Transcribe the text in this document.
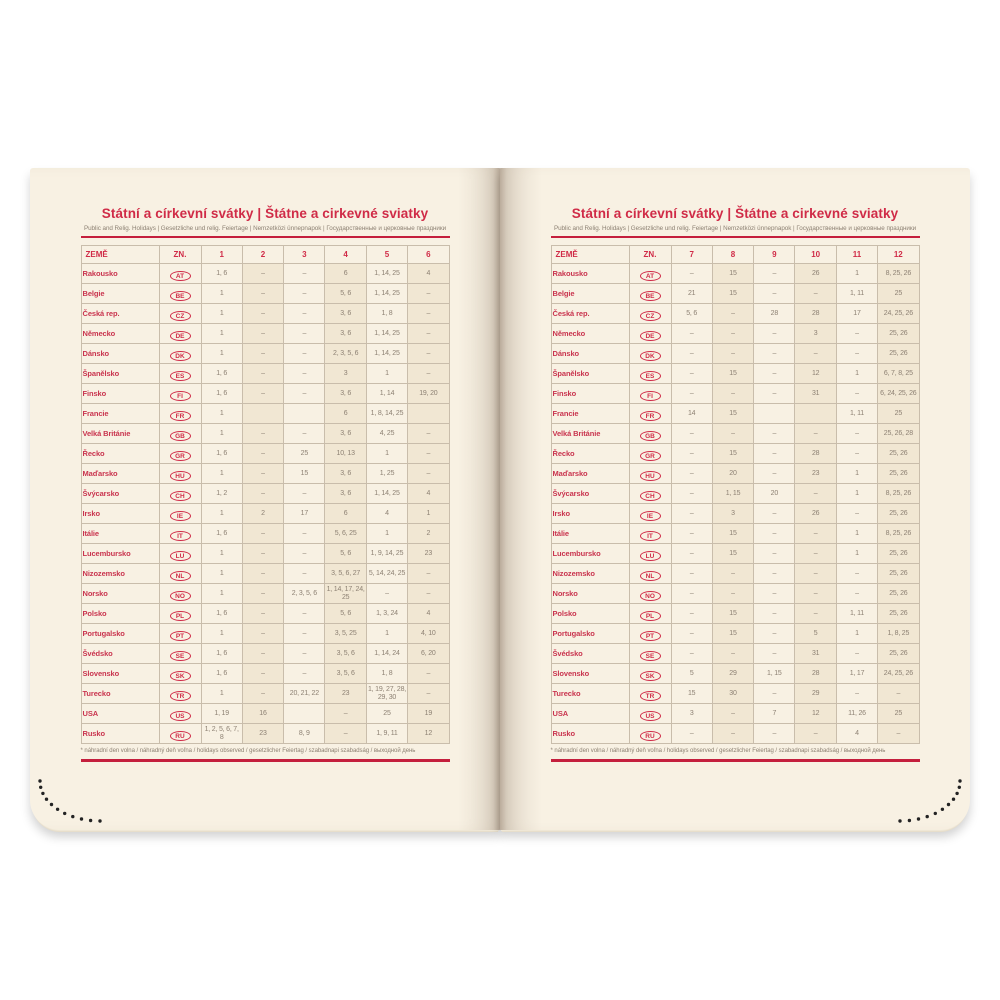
Státní a církevní svátky | Štátne a cirkevné sviatky
Public and Relig. Holidays | Gesetzliche und relig. Feiertage | Nemzetközi ünnepnapok | Государственные и церковные праздники
ZEMĚ	ZN.	1	2	3	4	5	6
Rakousko	AT	1, 6	–	–	6	1, 14, 25	4
Belgie	BE	1	–	–	5, 6	1, 14, 25	–
Česká rep.	CZ	1	–	–	3, 6	1, 8	–
Německo	DE	1	–	–	3, 6	1, 14, 25	–
Dánsko	DK	1	–	–	2, 3, 5, 6	1, 14, 25	–
Španělsko	ES	1, 6	–	–	3	1	–
Finsko	FI	1, 6	–	–	3, 6	1, 14	19, 20
Francie	FR	1			6	1, 8, 14, 25	
Velká Británie	GB	1	–	–	3, 6	4, 25	–
Řecko	GR	1, 6	–	25	10, 13	1	–
Maďarsko	HU	1	–	15	3, 6	1, 25	–
Švýcarsko	CH	1, 2	–	–	3, 6	1, 14, 25	4
Irsko	IE	1	2	17	6	4	1
Itálie	IT	1, 6	–	–	5, 6, 25	1	2
Lucembursko	LU	1	–	–	5, 6	1, 9, 14, 25	23
Nizozemsko	NL	1	–	–	3, 5, 6, 27	5, 14, 24, 25	–
Norsko	NO	1	–	2, 3, 5, 6	1, 14, 17, 24, 25	–	–
Polsko	PL	1, 6	–	–	5, 6	1, 3, 24	4
Portugalsko	PT	1	–	–	3, 5, 25	1	4, 10
Švédsko	SE	1, 6	–	–	3, 5, 6	1, 14, 24	6, 20
Slovensko	SK	1, 6	–	–	3, 5, 6	1, 8	–
Turecko	TR	1	–	20, 21, 22	23	1, 19, 27, 28, 29, 30	–
USA	US	1, 19	16		–	25	19
Rusko	RU	1, 2, 5, 6, 7, 8	23	8, 9	–	1, 9, 11	12
* náhradní den volna / náhradný deň voľna / holidays observed / gesetzlicher Feiertag / szabadnapi szabadság / выходной день
Státní a církevní svátky | Štátne a cirkevné sviatky
Public and Relig. Holidays | Gesetzliche und relig. Feiertage | Nemzetközi ünnepnapok | Государственные и церковные праздники
ZEMĚ	ZN.	7	8	9	10	11	12
Rakousko	AT	–	15	–	26	1	8, 25, 26
Belgie	BE	21	15	–	–	1, 11	25
Česká rep.	CZ	5, 6	–	28	28	17	24, 25, 26
Německo	DE	–	–	–	3	–	25, 26
Dánsko	DK	–	–	–	–	–	25, 26
Španělsko	ES	–	15	–	12	1	6, 7, 8, 25
Finsko	FI	–	–	–	31	–	6, 24, 25, 26
Francie	FR	14	15			1, 11	25
Velká Británie	GB	–	–	–	–	–	25, 26, 28
Řecko	GR	–	15	–	28	–	25, 26
Maďarsko	HU	–	20	–	23	1	25, 26
Švýcarsko	CH	–	1, 15	20	–	1	8, 25, 26
Irsko	IE	–	3	–	26	–	25, 26
Itálie	IT	–	15	–	–	1	8, 25, 26
Lucembursko	LU	–	15	–	–	1	25, 26
Nizozemsko	NL	–	–	–	–	–	25, 26
Norsko	NO	–	–	–	–	–	25, 26
Polsko	PL	–	15	–	–	1, 11	25, 26
Portugalsko	PT	–	15	–	5	1	1, 8, 25
Švédsko	SE	–	–	–	31	–	25, 26
Slovensko	SK	5	29	1, 15	28	1, 17	24, 25, 26
Turecko	TR	15	30	–	29	–	–
USA	US	3	–	7	12	11, 26	25
Rusko	RU	–	–	–	–	4	–
* náhradní den volna / náhradný deň voľna / holidays observed / gesetzlicher Feiertag / szabadnapi szabadság / выходной день
